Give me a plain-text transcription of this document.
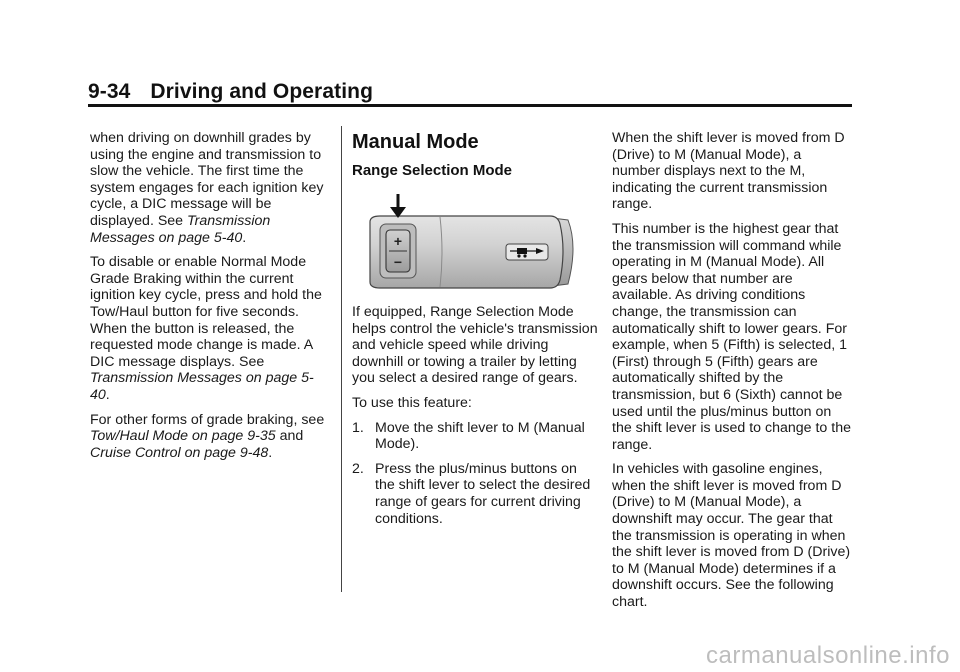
9-34 Driving and Operating

when driving on downhill grades by using the engine and transmission to slow the vehicle. The first time the system engages for each ignition key cycle, a DIC message will be displayed. See Transmission Messages on page 5-40.

To disable or enable Normal Mode Grade Braking within the current ignition key cycle, press and hold the Tow/Haul button for five seconds. When the button is released, the requested mode change is made. A DIC message displays. See Transmission Messages on page 5-40.

For other forms of grade braking, see Tow/Haul Mode on page 9-35 and Cruise Control on page 9-48.

Manual Mode
Range Selection Mode
+
−

If equipped, Range Selection Mode helps control the vehicle's transmission and vehicle speed while driving downhill or towing a trailer by letting you select a desired range of gears.

To use this feature:

1. Move the shift lever to M (Manual Mode).
2. Press the plus/minus buttons on the shift lever to select the desired range of gears for current driving conditions.

When the shift lever is moved from D (Drive) to M (Manual Mode), a number displays next to the M, indicating the current transmission range.

This number is the highest gear that the transmission will command while operating in M (Manual Mode). All gears below that number are available. As driving conditions change, the transmission can automatically shift to lower gears. For example, when 5 (Fifth) is selected, 1 (First) through 5 (Fifth) gears are automatically shifted by the transmission, but 6 (Sixth) cannot be used until the plus/minus button on the shift lever is used to change to the range.

In vehicles with gasoline engines, when the shift lever is moved from D (Drive) to M (Manual Mode), a downshift may occur. The gear that the transmission is operating in when the shift lever is moved from D (Drive) to M (Manual Mode) determines if a downshift occurs. See the following chart.

carmanualsonline.info
